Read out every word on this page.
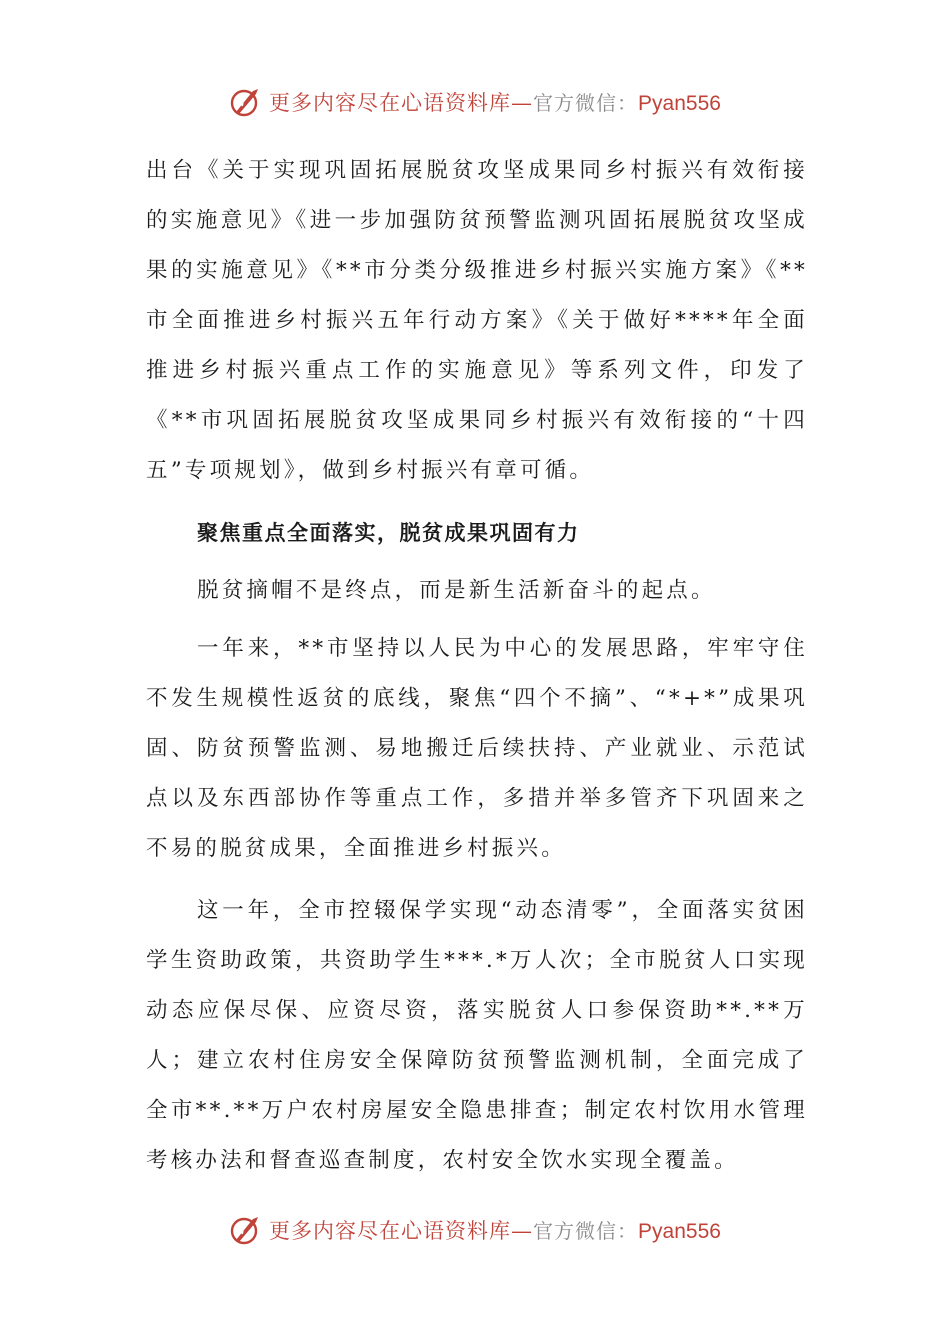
更多内容尽在心语资料库—官方微信：Pyan556

出台《关于实现巩固拓展脱贫攻坚成果同乡村振兴有效衔接的实施意见》《进一步加强防贫预警监测巩固拓展脱贫攻坚成果的实施意见》《**市分类分级推进乡村振兴实施方案》《**市全面推进乡村振兴五年行动方案》《关于做好****年全面推进乡村振兴重点工作的实施意见》等系列文件，印发了《**市巩固拓展脱贫攻坚成果同乡村振兴有效衔接的“十四五”专项规划》，做到乡村振兴有章可循。

聚焦重点全面落实，脱贫成果巩固有力

脱贫摘帽不是终点，而是新生活新奋斗的起点。

一年来，**市坚持以人民为中心的发展思路，牢牢守住不发生规模性返贫的底线，聚焦“四个不摘”、“*+*”成果巩固、防贫预警监测、易地搬迁后续扶持、产业就业、示范试点以及东西部协作等重点工作，多措并举多管齐下巩固来之不易的脱贫成果，全面推进乡村振兴。

这一年，全市控辍保学实现“动态清零”，全面落实贫困学生资助政策，共资助学生***.*万人次；全市脱贫人口实现动态应保尽保、应资尽资，落实脱贫人口参保资助**.**万人；建立农村住房安全保障防贫预警监测机制，全面完成了全市**.**万户农村房屋安全隐患排查；制定农村饮用水管理考核办法和督查巡查制度，农村安全饮水实现全覆盖。

更多内容尽在心语资料库—官方微信：Pyan556
